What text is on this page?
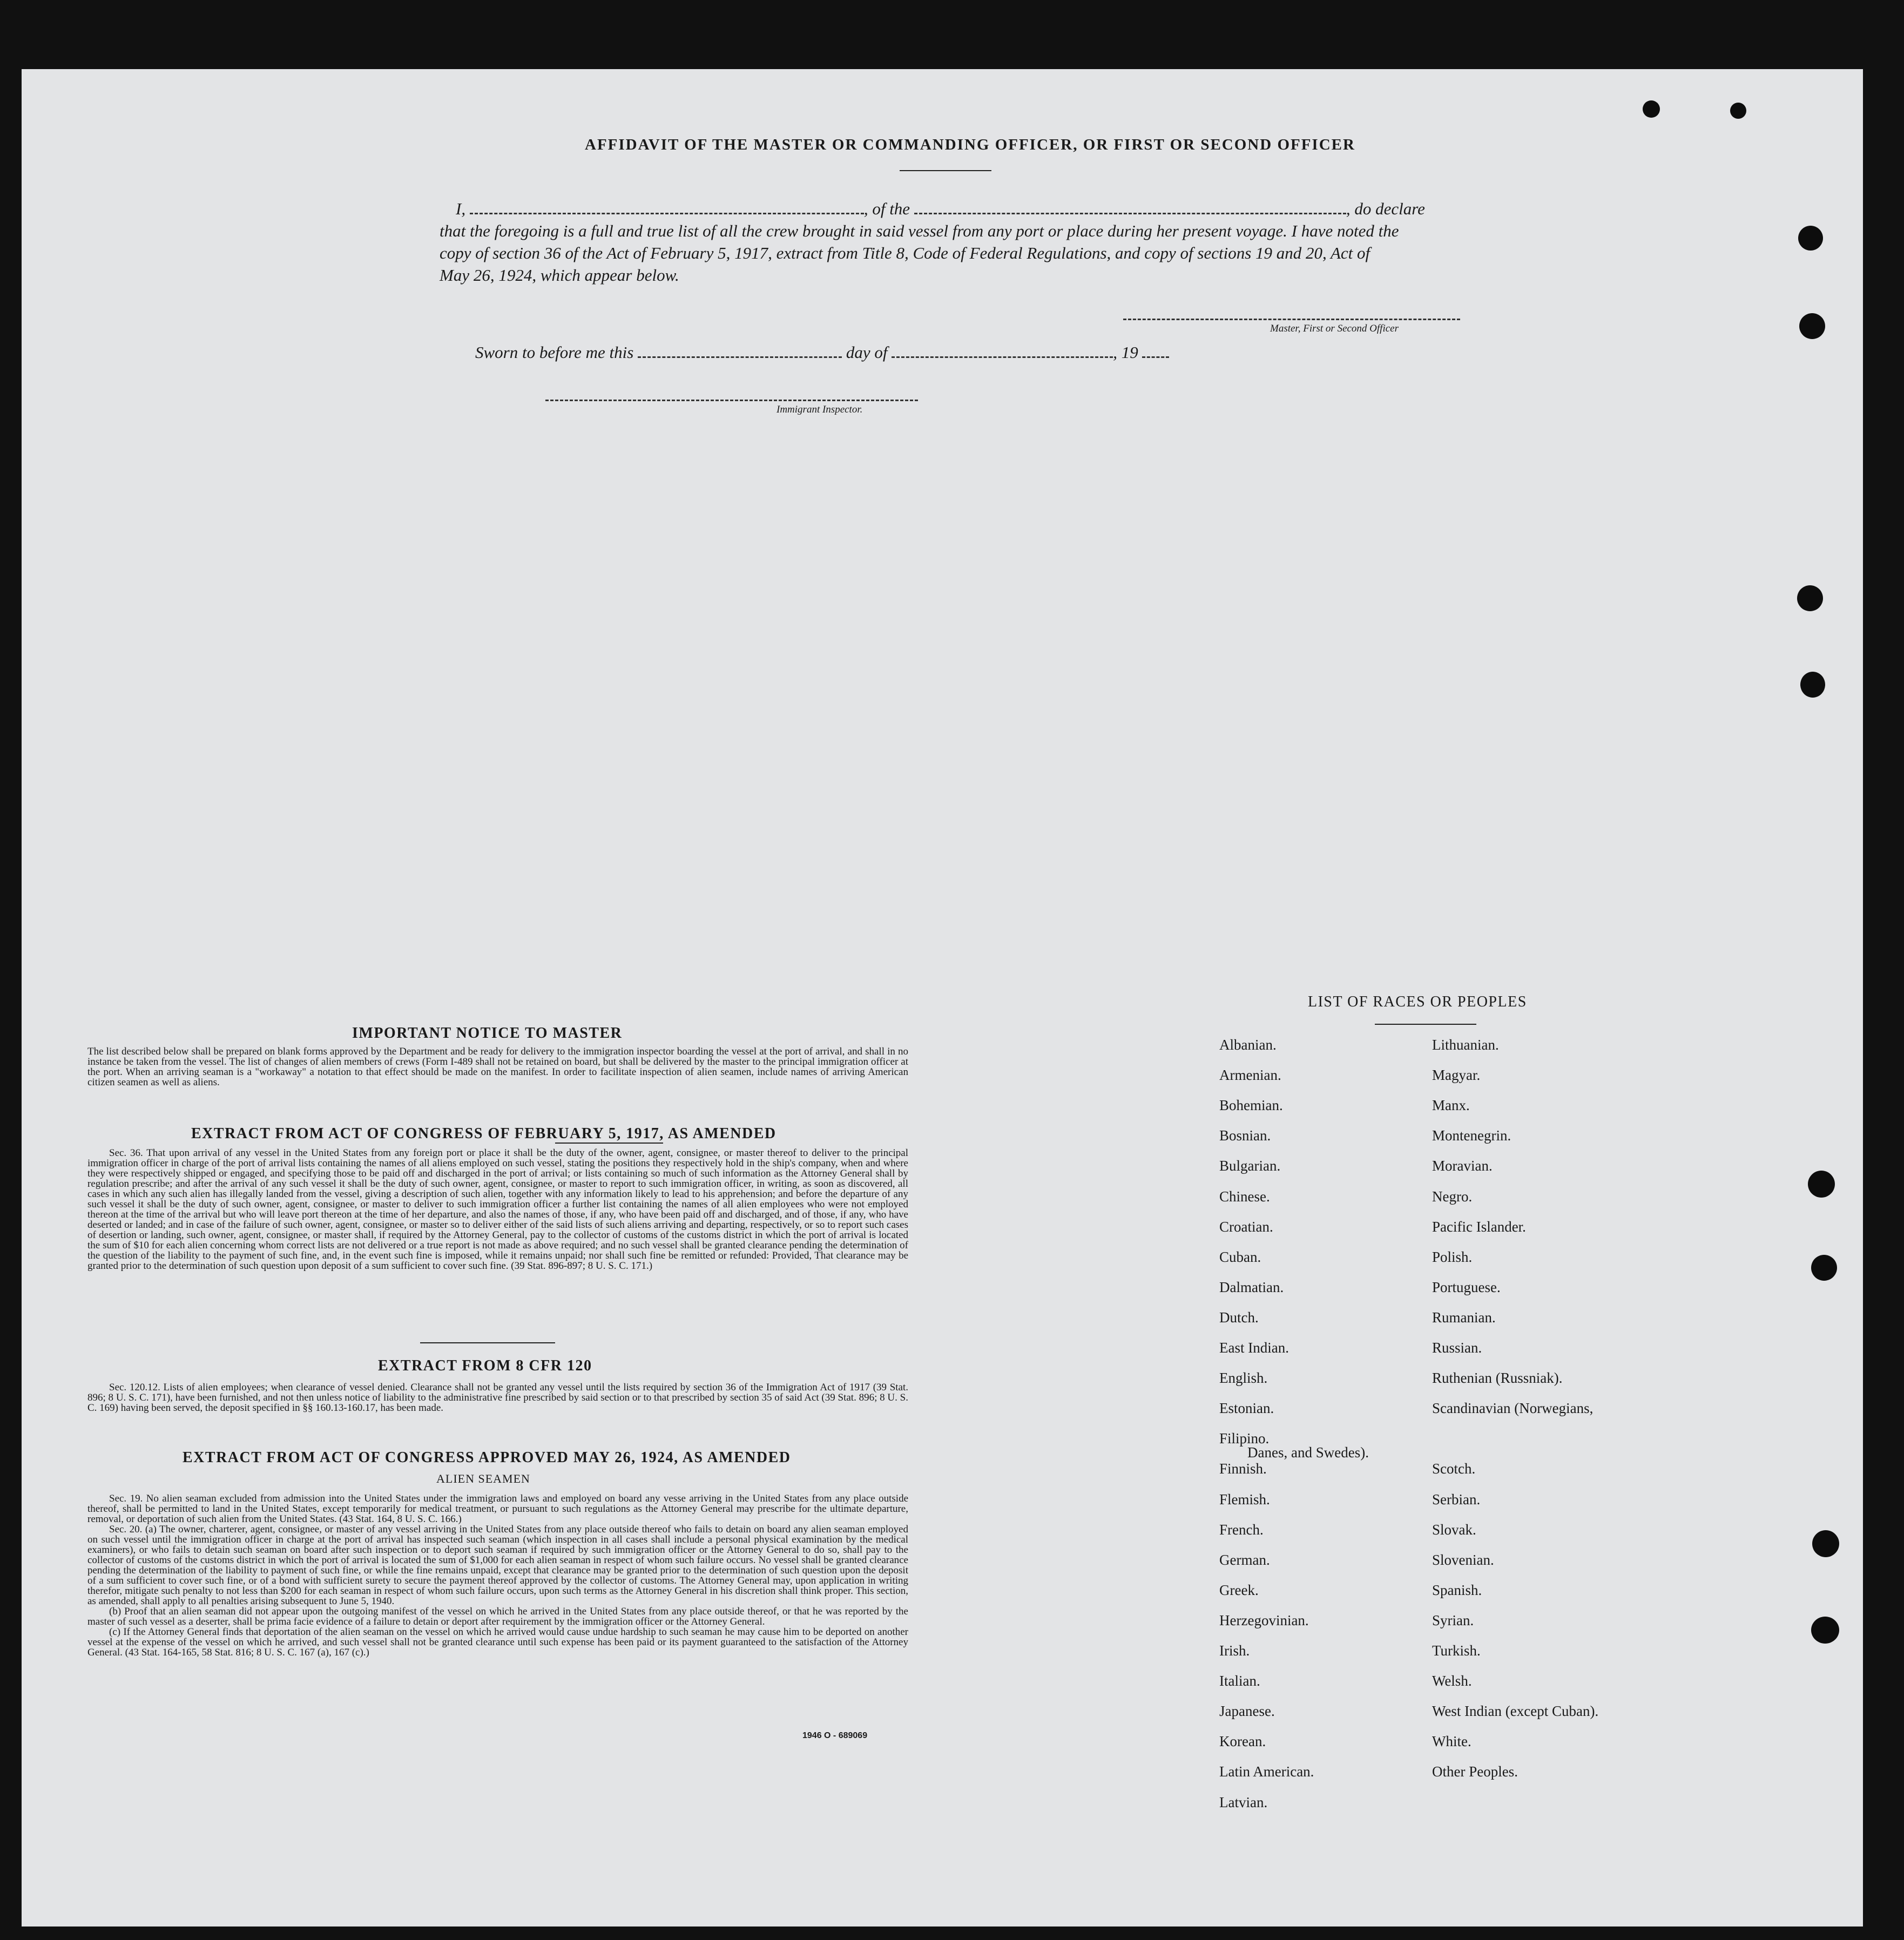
AFFIDAVIT OF THE MASTER OR COMMANDING OFFICER, OR FIRST OR SECOND OFFICER
I,	, of the	, do declare
that the foregoing is a full and true list of all the crew brought in said vessel from any port or place during her present voyage. I have noted the
copy of section 36 of the Act of February 5, 1917, extract from Title 8, Code of Federal Regulations, and copy of sections 19 and 20, Act of
May 26, 1924, which appear below.
Master, First or Second Officer
Sworn to before me this	day of	, 19
Immigrant Inspector.
IMPORTANT NOTICE TO MASTER
The list described below shall be prepared on blank forms approved by the Department and be ready for delivery to the immigration inspector boarding the vessel at the port of arrival, and shall in no instance be taken from the vessel. The list of changes of alien members of crews (Form I-489 shall not be retained on board, but shall be delivered by the master to the principal immigration officer at the port. When an arriving seaman is a "workaway" a notation to that effect should be made on the manifest. In order to facilitate inspection of alien seamen, include names of arriving American citizen seamen as well as aliens.
EXTRACT FROM ACT OF CONGRESS OF FEBRUARY 5, 1917, AS AMENDED
Sec. 36. That upon arrival of any vessel in the United States from any foreign port or place it shall be the duty of the owner, agent, consignee, or master thereof to deliver to the principal immigration officer in charge of the port of arrival lists containing the names of all aliens employed on such vessel, stating the positions they respectively hold in the ship's company, when and where they were respectively shipped or engaged, and specifying those to be paid off and discharged in the port of arrival; or lists containing so much of such information as the Attorney General shall by regulation prescribe; and after the arrival of any such vessel it shall be the duty of such owner, agent, consignee, or master to report to such immigration officer, in writing, as soon as discovered, all cases in which any such alien has illegally landed from the vessel, giving a description of such alien, together with any information likely to lead to his apprehension; and before the departure of any such vessel it shall be the duty of such owner, agent, consignee, or master to deliver to such immigration officer a further list containing the names of all alien employees who were not employed thereon at the time of the arrival but who will leave port thereon at the time of her departure, and also the names of those, if any, who have been paid off and discharged, and of those, if any, who have deserted or landed; and in case of the failure of such owner, agent, consignee, or master so to deliver either of the said lists of such aliens arriving and departing, respectively, or so to report such cases of desertion or landing, such owner, agent, consignee, or master shall, if required by the Attorney General, pay to the collector of customs of the customs district in which the port of arrival is located the sum of $10 for each alien concerning whom correct lists are not delivered or a true report is not made as above required; and no such vessel shall be granted clearance pending the determination of the question of the liability to the payment of such fine, and, in the event such fine is imposed, while it remains unpaid; nor shall such fine be remitted or refunded: Provided, That clearance may be granted prior to the determination of such question upon deposit of a sum sufficient to cover such fine. (39 Stat. 896-897; 8 U. S. C. 171.)
EXTRACT FROM 8 CFR 120
Sec. 120.12. Lists of alien employees; when clearance of vessel denied. Clearance shall not be granted any vessel until the lists required by section 36 of the Immigration Act of 1917 (39 Stat. 896; 8 U. S. C. 171), have been furnished, and not then unless notice of liability to the administrative fine prescribed by said section or to that prescribed by section 35 of said Act (39 Stat. 896; 8 U. S. C. 169) having been served, the deposit specified in §§ 160.13-160.17, has been made.
EXTRACT FROM ACT OF CONGRESS APPROVED MAY 26, 1924, AS AMENDED
ALIEN SEAMEN
Sec. 19. No alien seaman excluded from admission into the United States under the immigration laws and employed on board any vesse arriving in the United States from any place outside thereof, shall be permitted to land in the United States, except temporarily for medical treatment, or pursuant to such regulations as the Attorney General may prescribe for the ultimate departure, removal, or deportation of such alien from the United States. (43 Stat. 164, 8 U. S. C. 166.)
Sec. 20. (a) The owner, charterer, agent, consignee, or master of any vessel arriving in the United States from any place outside thereof who fails to detain on board any alien seaman employed on such vessel until the immigration officer in charge at the port of arrival has inspected such seaman (which inspection in all cases shall include a personal physical examination by the medical examiners), or who fails to detain such seaman on board after such inspection or to deport such seaman if required by such immigration officer or the Attorney General to do so, shall pay to the collector of customs of the customs district in which the port of arrival is located the sum of $1,000 for each alien seaman in respect of whom such failure occurs. No vessel shall be granted clearance pending the determination of the liability to payment of such fine, or while the fine remains unpaid, except that clearance may be granted prior to the determination of such question upon the deposit of a sum sufficient to cover such fine, or of a bond with sufficient surety to secure the payment thereof approved by the collector of customs. The Attorney General may, upon application in writing therefor, mitigate such penalty to not less than $200 for each seaman in respect of whom such failure occurs, upon such terms as the Attorney General in his discretion shall think proper. This section, as amended, shall apply to all penalties arising subsequent to June 5, 1940.
(b) Proof that an alien seaman did not appear upon the outgoing manifest of the vessel on which he arrived in the United States from any place outside thereof, or that he was reported by the master of such vessel as a deserter, shall be prima facie evidence of a failure to detain or deport after requirement by the immigration officer or the Attorney General.
(c) If the Attorney General finds that deportation of the alien seaman on the vessel on which he arrived would cause undue hardship to such seaman he may cause him to be deported on another vessel at the expense of the vessel on which he arrived, and such vessel shall not be granted clearance until such expense has been paid or its payment guaranteed to the satisfaction of the Attorney General. (43 Stat. 164-165, 58 Stat. 816; 8 U. S. C. 167 (a), 167 (c).)
1946 O - 689069
LIST OF RACES OR PEOPLES
Albanian.
Armenian.
Bohemian.
Bosnian.
Bulgarian.
Chinese.
Croatian.
Cuban.
Dalmatian.
Dutch.
East Indian.
English.
Estonian.
Filipino.
Finnish.
Flemish.
French.
German.
Greek.
Herzegovinian.
Irish.
Italian.
Japanese.
Korean.
Latin American.
Latvian.
Lithuanian.
Magyar.
Manx.
Montenegrin.
Moravian.
Negro.
Pacific Islander.
Polish.
Portuguese.
Rumanian.
Russian.
Ruthenian (Russniak).
Scandinavian (Norwegians,
Danes, and Swedes).
Scotch.
Serbian.
Slovak.
Slovenian.
Spanish.
Syrian.
Turkish.
Welsh.
West Indian (except Cuban).
White.
Other Peoples.
